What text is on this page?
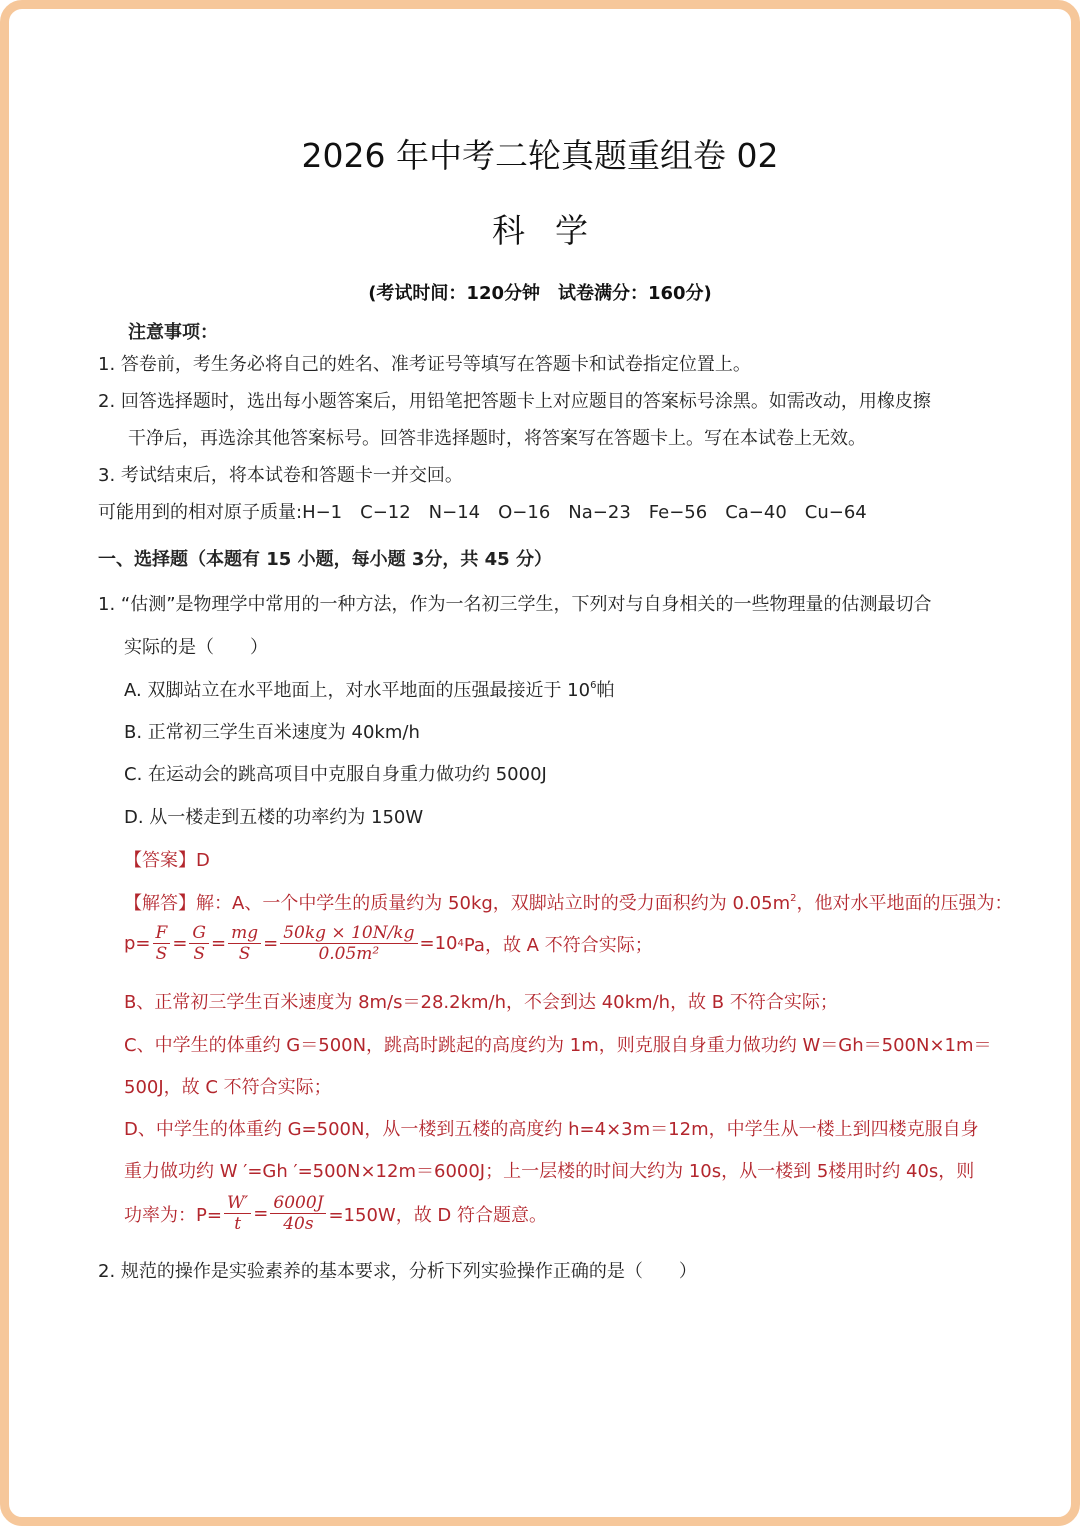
2026 年中考二轮真题重组卷 02
科学
(考试时间：120分钟　试卷满分：160分)
注意事项：
1. 答卷前，考生务必将自己的姓名、准考证号等填写在答题卡和试卷指定位置上。
2. 回答选择题时，选出每小题答案后，用铅笔把答题卡上对应题目的答案标号涂黑。如需改动，用橡皮擦
干净后，再选涂其他答案标号。回答非选择题时，将答案写在答题卡上。写在本试卷上无效。
3. 考试结束后，将本试卷和答题卡一并交回。
可能用到的相对原子质量:H−1　C−12　N−14　O−16　Na−23　Fe−56　Ca−40　Cu−64
一、选择题（本题有 15 小题，每小题 3分，共 45 分）
1. “估测”是物理学中常用的一种方法，作为一名初三学生，下列对与自身相关的一些物理量的估测最切合
实际的是（　　）
A. 双脚站立在水平地面上，对水平地面的压强最接近于 $10^6$帕
B. 正常初三学生百米速度为 40km/h
C. 在运动会的跳高项目中克服自身重力做功约 5000J
D. 从一楼走到五楼的功率约为 150W
【答案】D
【解答】解：A、一个中学生的质量约为 50kg，双脚站立时的受力面积约为 $0.05m^2$，他对水平地面的压强为：
$p= \frac{F}{S} = \frac{G}{S} = \frac{mg}{S} = \frac{50kg \times 10N/kg}{\text{0.05m²}} =10$ 4 Pa，故 A 不符合实际；
B、正常初三学生百米速度为 8m/s＝28.2km/h，不会到达 40km/h，故 B 不符合实际；
C、中学生的体重约 G＝500N，跳高时跳起的高度约为 1m，则克服自身重力做功约 W＝Gh＝500N×1m＝
500J，故 C 不符合实际；
D、中学生的体重约 G=500N，从一楼到五楼的高度约 h=4×3m＝12m，中学生从一楼上到四楼克服自身
重力做功约 W ′=Gh ′=500N×12m＝6000J；上一层楼的时间大约为 10s，从一楼到 5楼用时约 40s，则
功率为：$P= \frac{W'}{t} = \frac{6000J}{40s} =150W$，故 D 符合题意。
2. 规范的操作是实验素养的基本要求，分析下列实验操作正确的是（　　）
